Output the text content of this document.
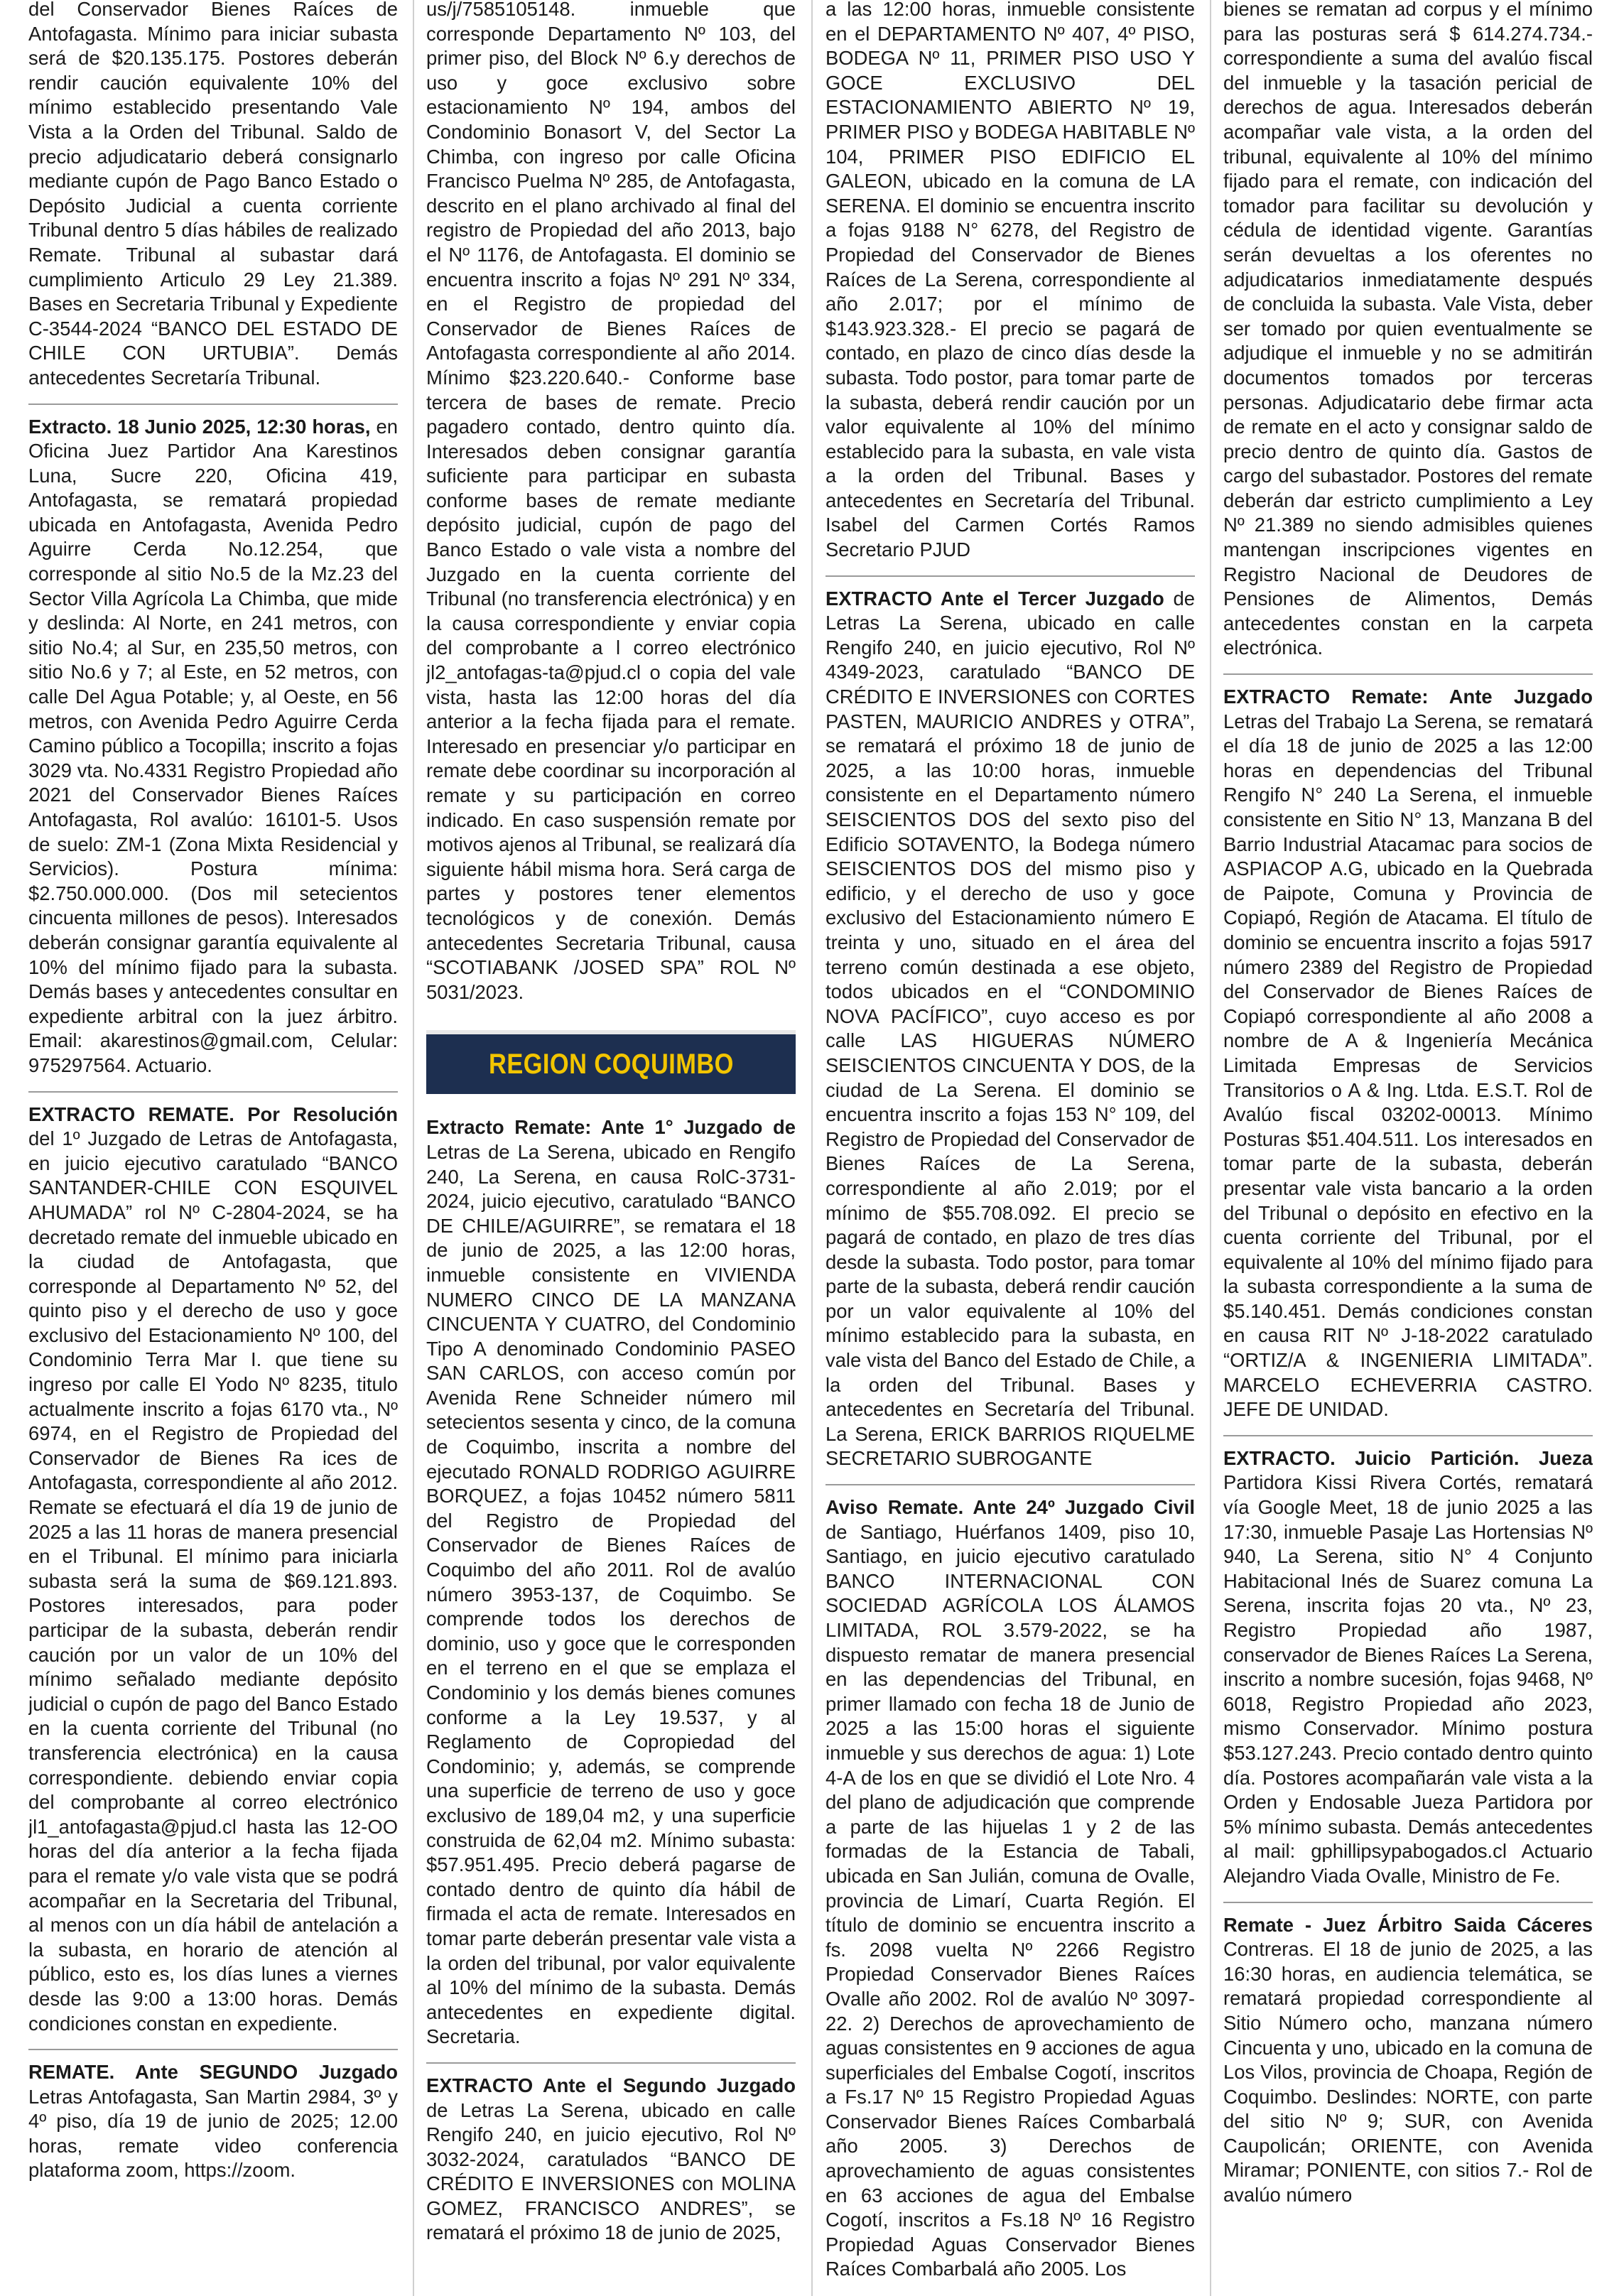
del Conservador Bienes Raíces de Antofagasta. Mínimo para iniciar subasta será de $20.135.175. Postores deberán rendir caución equivalente 10% del mínimo establecido presentando Vale Vista a la Orden del Tribunal. Saldo de precio adjudicatario deberá consignarlo mediante cupón de Pago Banco Estado o Depósito Judicial a cuenta corriente Tribunal dentro 5 días hábiles de realizado Remate. Tribunal al subastar dará cumplimiento Articulo 29 Ley 21.389. Bases en Secretaria Tribunal y Expediente C-3544-2024 “BANCO DEL ESTADO DE CHILE CON URTUBIA”. Demás antecedentes Secretaría Tribunal.

Extracto. 18 Junio 2025, 12:30 horas, en Oficina Juez Partidor Ana Karestinos Luna, Sucre 220, Oficina 419, Antofagasta, se rematará propiedad ubicada en Antofagasta, Avenida Pedro Aguirre Cerda No.12.254, que corresponde al sitio No.5 de la Mz.23 del Sector Villa Agrícola La Chimba, que mide y deslinda: Al Norte, en 241 metros, con sitio No.4; al Sur, en 235,50 metros, con sitio No.6 y 7; al Este, en 52 metros, con calle Del Agua Potable; y, al Oeste, en 56 metros, con Avenida Pedro Aguirre Cerda Camino público a Tocopilla; inscrito a fojas 3029 vta. No.4331 Registro Propiedad año 2021 del Conservador Bienes Raíces Antofagasta, Rol avalúo: 16101-5. Usos de suelo: ZM-1 (Zona Mixta Residencial y Servicios). Postura mínima: $2.750.000.000. (Dos mil setecientos cincuenta millones de pesos). Interesados deberán consignar garantía equivalente al 10% del mínimo fijado para la subasta. Demás bases y antecedentes consultar en expediente arbitral con la juez árbitro. Email: akarestinos@gmail.com, Celular: 975297564. Actuario.

EXTRACTO REMATE. Por Resolución del 1º Juzgado de Letras de Antofagasta, en juicio ejecutivo caratulado “BANCO SANTANDER-CHILE CON ESQUIVEL AHUMADA” rol Nº C-2804-2024, se ha decretado remate del inmueble ubicado en la ciudad de Antofagasta, que corresponde al Departamento Nº 52, del quinto piso y el derecho de uso y goce exclusivo del Estacionamiento Nº 100, del Condominio Terra Mar I. que tiene su ingreso por calle El Yodo Nº 8235, titulo actualmente inscrito a fojas 6170 vta., Nº 6974, en el Registro de Propiedad del Conservador de Bienes Ra ices de Antofagasta, correspondiente al año 2012. Remate se efectuará el día 19 de junio de 2025 a las 11 horas de manera presencial en el Tribunal. El mínimo para iniciarla subasta será la suma de $69.121.893. Postores interesados, para poder participar de la subasta, deberán rendir caución por un valor de un 10% del mínimo señalado mediante depósito judicial o cupón de pago del Banco Estado en la cuenta corriente del Tribunal (no transferencia electrónica) en la causa correspondiente. debiendo enviar copia del comprobante al correo electrónico jl1_antofagasta@pjud.cl hasta las 12-OO horas del día anterior a la fecha fijada para el remate y/o vale vista que se podrá acompañar en la Secretaria del Tribunal, al menos con un día hábil de antelación a la subasta, en horario de atención al público, esto es, los días lunes a viernes desde las 9:00 a 13:00 horas. Demás condiciones constan en expediente.

REMATE. Ante SEGUNDO Juzgado Letras Antofagasta, San Martin 2984, 3º y 4º piso, día 19 de junio de 2025; 12.00 horas, remate video conferencia plataforma zoom, https://zoom.

us/j/7585105148. inmueble que corresponde Departamento Nº 103, del primer piso, del Block Nº 6.y derechos de uso y goce exclusivo sobre estacionamiento Nº 194, ambos del Condominio Bonasort V, del Sector La Chimba, con ingreso por calle Oficina Francisco Puelma Nº 285, de Antofagasta, descrito en el plano archivado al final del registro de Propiedad del año 2013, bajo el Nº 1176, de Antofagasta. El dominio se encuentra inscrito a fojas Nº 291 Nº 334, en el Registro de propiedad del Conservador de Bienes Raíces de Antofagasta correspondiente al año 2014. Mínimo $23.220.640.- Conforme base tercera de bases de remate. Precio pagadero contado, dentro quinto día. Interesados deben consignar garantía suficiente para participar en subasta conforme bases de remate mediante depósito judicial, cupón de pago del Banco Estado o vale vista a nombre del Juzgado en la cuenta corriente del Tribunal (no transferencia electrónica) y en la causa correspondiente y enviar copia del comprobante a l correo electrónico jl2_antofagas-ta@pjud.cl o copia del vale vista, hasta las 12:00 horas del día anterior a la fecha fijada para el remate. Interesado en presenciar y/o participar en remate debe coordinar su incorporación al remate y su participación en correo indicado. En caso suspensión remate por motivos ajenos al Tribunal, se realizará día siguiente hábil misma hora. Será carga de partes y postores tener elementos tecnológicos y de conexión. Demás antecedentes Secretaria Tribunal, causa “SCOTIABANK /JOSED SPA” ROL Nº 5031/2023.

REGION COQUIMBO

Extracto Remate: Ante 1° Juzgado de Letras de La Serena, ubicado en Rengifo 240, La Serena, en causa RolC-3731-2024, juicio ejecutivo, caratulado “BANCO DE CHILE/AGUIRRE”, se rematara el 18 de junio de 2025, a las 12:00 horas, inmueble consistente en VIVIENDA NUMERO CINCO DE LA MANZANA CINCUENTA Y CUATRO, del Condominio Tipo A denominado Condominio PASEO SAN CARLOS, con acceso común por Avenida Rene Schneider número mil setecientos sesenta y cinco, de la comuna de Coquimbo, inscrita a nombre del ejecutado RONALD RODRIGO AGUIRRE BORQUEZ, a fojas 10452 número 5811 del Registro de Propiedad del Conservador de Bienes Raíces de Coquimbo del año 2011. Rol de avalúo número 3953-137, de Coquimbo. Se comprende todos los derechos de dominio, uso y goce que le corresponden en el terreno en el que se emplaza el Condominio y los demás bienes comunes conforme a la Ley 19.537, y al Reglamento de Copropiedad del Condominio; y, además, se comprende una superficie de terreno de uso y goce exclusivo de 189,04 m2, y una superficie construida de 62,04 m2. Mínimo subasta: $57.951.495. Precio deberá pagarse de contado dentro de quinto día hábil de firmada el acta de remate. Interesados en tomar parte deberán presentar vale vista a la orden del tribunal, por valor equivalente al 10% del mínimo de la subasta. Demás antecedentes en expediente digital. Secretaria.

EXTRACTO Ante el Segundo Juzgado de Letras La Serena, ubicado en calle Rengifo 240, en juicio ejecutivo, Rol Nº 3032-2024, caratulados “BANCO DE CRÉDITO E INVERSIONES con MOLINA GOMEZ, FRANCISCO ANDRES”, se rematará el próximo 18 de junio de 2025,

a las 12:00 horas, inmueble consistente en el DEPARTAMENTO Nº 407, 4º PISO, BODEGA Nº 11, PRIMER PISO USO Y GOCE EXCLUSIVO DEL ESTACIONAMIENTO ABIERTO Nº 19, PRIMER PISO y BODEGA HABITABLE Nº 104, PRIMER PISO EDIFICIO EL GALEON, ubicado en la comuna de LA SERENA. El dominio se encuentra inscrito a fojas 9188 N° 6278, del Registro de Propiedad del Conservador de Bienes Raíces de La Serena, correspondiente al año 2.017; por el mínimo de $143.923.328.- El precio se pagará de contado, en plazo de cinco días desde la subasta. Todo postor, para tomar parte de la subasta, deberá rendir caución por un valor equivalente al 10% del mínimo establecido para la subasta, en vale vista a la orden del Tribunal. Bases y antecedentes en Secretaría del Tribunal. Isabel del Carmen Cortés Ramos Secretario PJUD

EXTRACTO Ante el Tercer Juzgado de Letras La Serena, ubicado en calle Rengifo 240, en juicio ejecutivo, Rol Nº 4349-2023, caratulado “BANCO DE CRÉDITO E INVERSIONES con CORTES PASTEN, MAURICIO ANDRES y OTRA”, se rematará el próximo 18 de junio de 2025, a las 10:00 horas, inmueble consistente en el Departamento número SEISCIENTOS DOS del sexto piso del Edificio SOTAVENTO, la Bodega número SEISCIENTOS DOS del mismo piso y edificio, y el derecho de uso y goce exclusivo del Estacionamiento número E treinta y uno, situado en el área del terreno común destinada a ese objeto, todos ubicados en el “CONDOMINIO NOVA PACÍFICO”, cuyo acceso es por calle LAS HIGUERAS NÚMERO SEISCIENTOS CINCUENTA Y DOS, de la ciudad de La Serena. El dominio se encuentra inscrito a fojas 153 N° 109, del Registro de Propiedad del Conservador de Bienes Raíces de La Serena, correspondiente al año 2.019; por el mínimo de $55.708.092. El precio se pagará de contado, en plazo de tres días desde la subasta. Todo postor, para tomar parte de la subasta, deberá rendir caución por un valor equivalente al 10% del mínimo establecido para la subasta, en vale vista del Banco del Estado de Chile, a la orden del Tribunal. Bases y antecedentes en Secretaría del Tribunal. La Serena, ERICK BARRIOS RIQUELME SECRETARIO SUBROGANTE

Aviso Remate. Ante 24º Juzgado Civil de Santiago, Huérfanos 1409, piso 10, Santiago, en juicio ejecutivo caratulado BANCO INTERNACIONAL CON SOCIEDAD AGRÍCOLA LOS ÁLAMOS LIMITADA, ROL 3.579-2022, se ha dispuesto rematar de manera presencial en las dependencias del Tribunal, en primer llamado con fecha 18 de Junio de 2025 a las 15:00 horas el siguiente inmueble y sus derechos de agua: 1) Lote 4-A de los en que se dividió el Lote Nro. 4 del plano de adjudicación que comprende a parte de las hijuelas 1 y 2 de las formadas de la Estancia de Tabali, ubicada en San Julián, comuna de Ovalle, provincia de Limarí, Cuarta Región. El título de dominio se encuentra inscrito a fs. 2098 vuelta Nº 2266 Registro Propiedad Conservador Bienes Raíces Ovalle año 2002. Rol de avalúo Nº 3097-22. 2) Derechos de aprovechamiento de aguas consistentes en 9 acciones de agua superficiales del Embalse Cogotí, inscritos a Fs.17 Nº 15 Registro Propiedad Aguas Conservador Bienes Raíces Combarbalá año 2005. 3) Derechos de aprovechamiento de aguas consistentes en 63 acciones de agua del Embalse Cogotí, inscritos a Fs.18 Nº 16 Registro Propiedad Aguas Conservador Bienes Raíces Combarbalá año 2005. Los

bienes se rematan ad corpus y el mínimo para las posturas será $ 614.274.734.- correspondiente a suma del avalúo fiscal del inmueble y la tasación pericial de derechos de agua. Interesados deberán acompañar vale vista, a la orden del tribunal, equivalente al 10% del mínimo fijado para el remate, con indicación del tomador para facilitar su devolución y cédula de identidad vigente. Garantías serán devueltas a los oferentes no adjudicatarios inmediatamente después de concluida la subasta. Vale Vista, deber ser tomado por quien eventualmente se adjudique el inmueble y no se admitirán documentos tomados por terceras personas. Adjudicatario debe firmar acta de remate en el acto y consignar saldo de precio dentro de quinto día. Gastos de cargo del subastador. Postores del remate deberán dar estricto cumplimiento a Ley Nº 21.389 no siendo admisibles quienes mantengan inscripciones vigentes en Registro Nacional de Deudores de Pensiones de Alimentos, Demás antecedentes constan en la carpeta electrónica.

EXTRACTO Remate: Ante Juzgado Letras del Trabajo La Serena, se rematará el día 18 de junio de 2025 a las 12:00 horas en dependencias del Tribunal Rengifo N° 240 La Serena, el inmueble consistente en Sitio N° 13, Manzana B del Barrio Industrial Atacamac para socios de ASPIACOP A.G, ubicado en la Quebrada de Paipote, Comuna y Provincia de Copiapó, Región de Atacama. El título de dominio se encuentra inscrito a fojas 5917 número 2389 del Registro de Propiedad del Conservador de Bienes Raíces de Copiapó correspondiente al año 2008 a nombre de A & Ingeniería Mecánica Limitada Empresas de Servicios Transitorios o A & Ing. Ltda. E.S.T. Rol de Avalúo fiscal 03202-00013. Mínimo Posturas $51.404.511. Los interesados en tomar parte de la subasta, deberán presentar vale vista bancario a la orden del Tribunal o depósito en efectivo en la cuenta corriente del Tribunal, por el equivalente al 10% del mínimo fijado para la subasta correspondiente a la suma de $5.140.451. Demás condiciones constan en causa RIT Nº J-18-2022 caratulado “ORTIZ/A & INGENIERIA LIMITADA”. MARCELO ECHEVERRIA CASTRO. JEFE DE UNIDAD.

EXTRACTO. Juicio Partición. Jueza Partidora Kissi Rivera Cortés, rematará vía Google Meet, 18 de junio 2025 a las 17:30, inmueble Pasaje Las Hortensias Nº 940, La Serena, sitio N° 4 Conjunto Habitacional Inés de Suarez comuna La Serena, inscrita fojas 20 vta., Nº 23, Registro Propiedad año 1987, conservador de Bienes Raíces La Serena, inscrito a nombre sucesión, fojas 9468, Nº 6018, Registro Propiedad año 2023, mismo Conservador. Mínimo postura $53.127.243. Precio contado dentro quinto día. Postores acompañarán vale vista a la Orden y Endosable Jueza Partidora por 5% mínimo subasta. Demás antecedentes al mail: gphillipsypabogados.cl Actuario Alejandro Viada Ovalle, Ministro de Fe.

Remate - Juez Árbitro Saida Cáceres Contreras. El 18 de junio de 2025, a las 16:30 horas, en audiencia telemática, se rematará propiedad correspondiente al Sitio Número ocho, manzana número Cincuenta y uno, ubicado en la comuna de Los Vilos, provincia de Choapa, Región de Coquimbo. Deslindes: NORTE, con parte del sitio Nº 9; SUR, con Avenida Caupolicán; ORIENTE, con Avenida Miramar; PONIENTE, con sitios 7.- Rol de avalúo número
